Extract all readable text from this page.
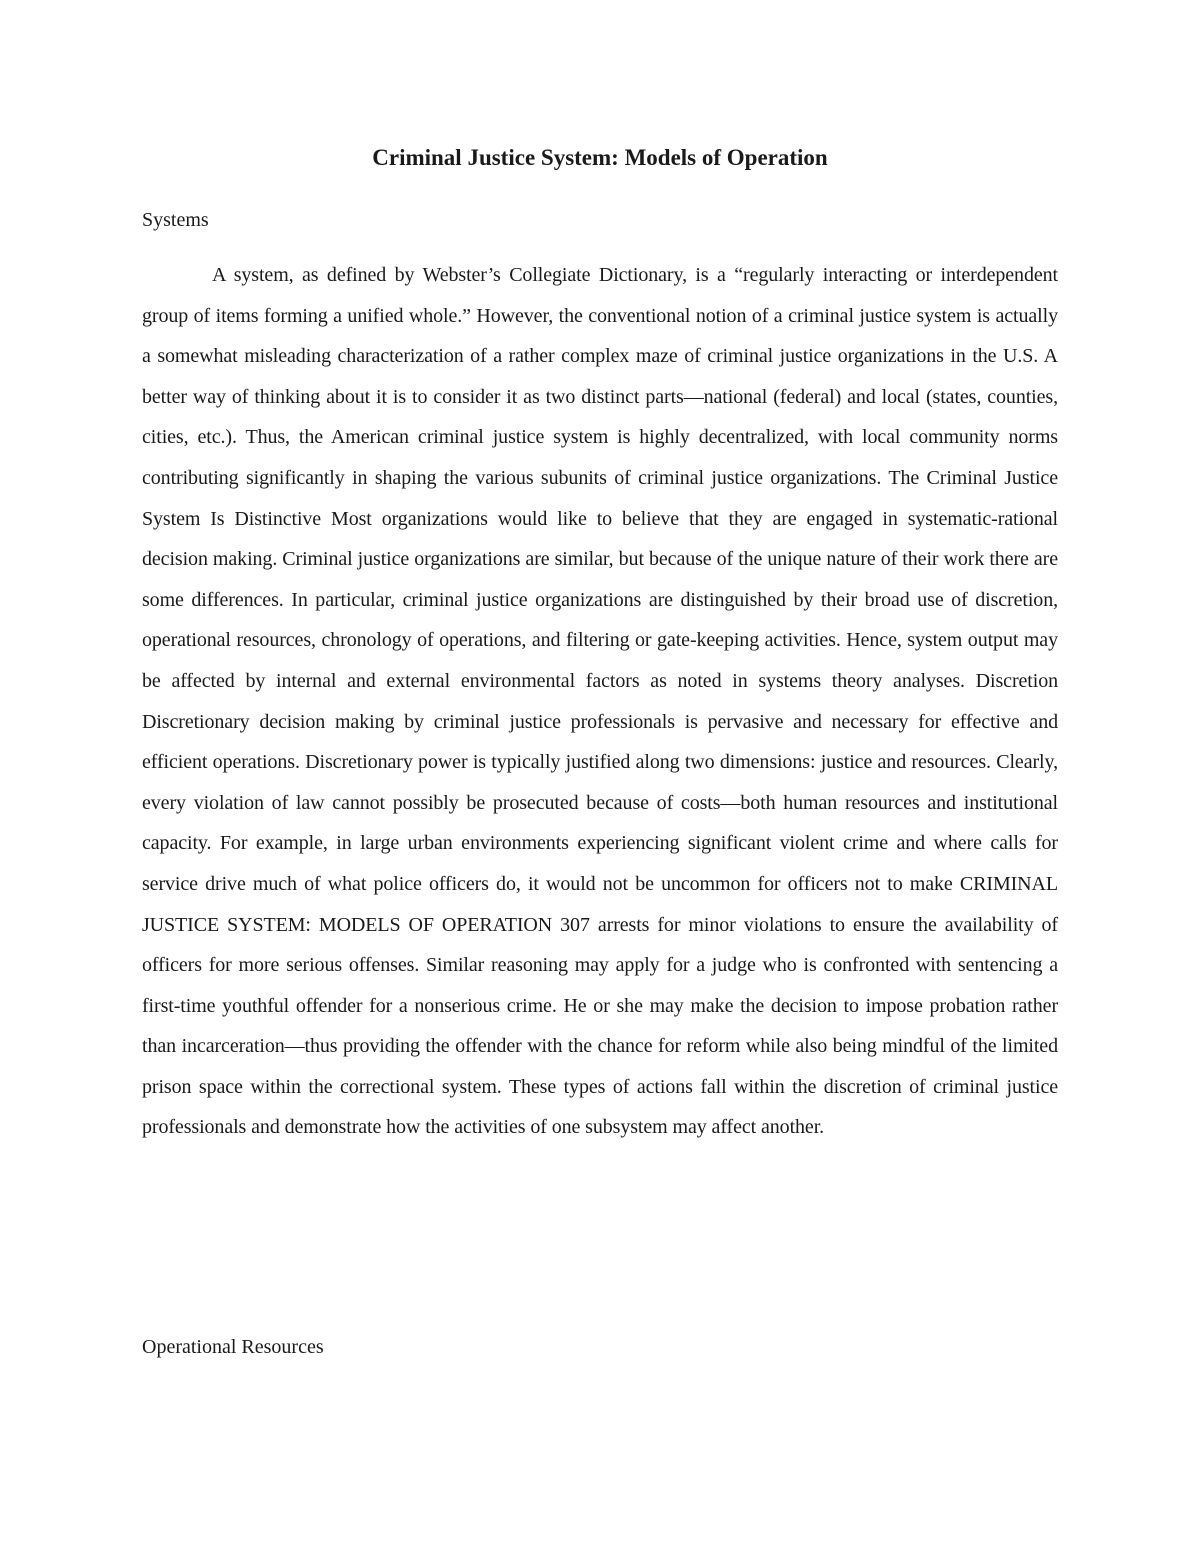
Criminal Justice System: Models of Operation
Systems

A system, as defined by Webster’s Collegiate Dictionary, is a “regularly interacting or interdependent group of items forming a unified whole.” However, the conventional notion of a criminal justice system is actually a somewhat misleading characterization of a rather complex maze of criminal justice organizations in the U.S. A better way of thinking about it is to consider it as two distinct parts—national (federal) and local (states, counties, cities, etc.). Thus, the American criminal justice system is highly decentralized, with local community norms contributing significantly in shaping the various subunits of criminal justice organizations. The Criminal Justice System Is Distinctive Most organizations would like to believe that they are engaged in systematic-rational decision making. Criminal justice organizations are similar, but because of the unique nature of their work there are some differences. In particular, criminal justice organizations are distinguished by their broad use of discretion, operational resources, chronology of operations, and filtering or gate-keeping activities. Hence, system output may be affected by internal and external environmental factors as noted in systems theory analyses. Discretion Discretionary decision making by criminal justice professionals is pervasive and necessary for effective and efficient operations. Discretionary power is typically justified along two dimensions: justice and resources. Clearly, every violation of law cannot possibly be prosecuted because of costs—both human resources and institutional capacity. For example, in large urban environments experiencing significant violent crime and where calls for service drive much of what police officers do, it would not be uncommon for officers not to make CRIMINAL JUSTICE SYSTEM: MODELS OF OPERATION 307 arrests for minor violations to ensure the availability of officers for more serious offenses. Similar reasoning may apply for a judge who is confronted with sentencing a first-time youthful offender for a nonserious crime. He or she may make the decision to impose probation rather than incarceration—thus providing the offender with the chance for reform while also being mindful of the limited prison space within the correctional system. These types of actions fall within the discretion of criminal justice professionals and demonstrate how the activities of one subsystem may affect another.

Operational Resources
